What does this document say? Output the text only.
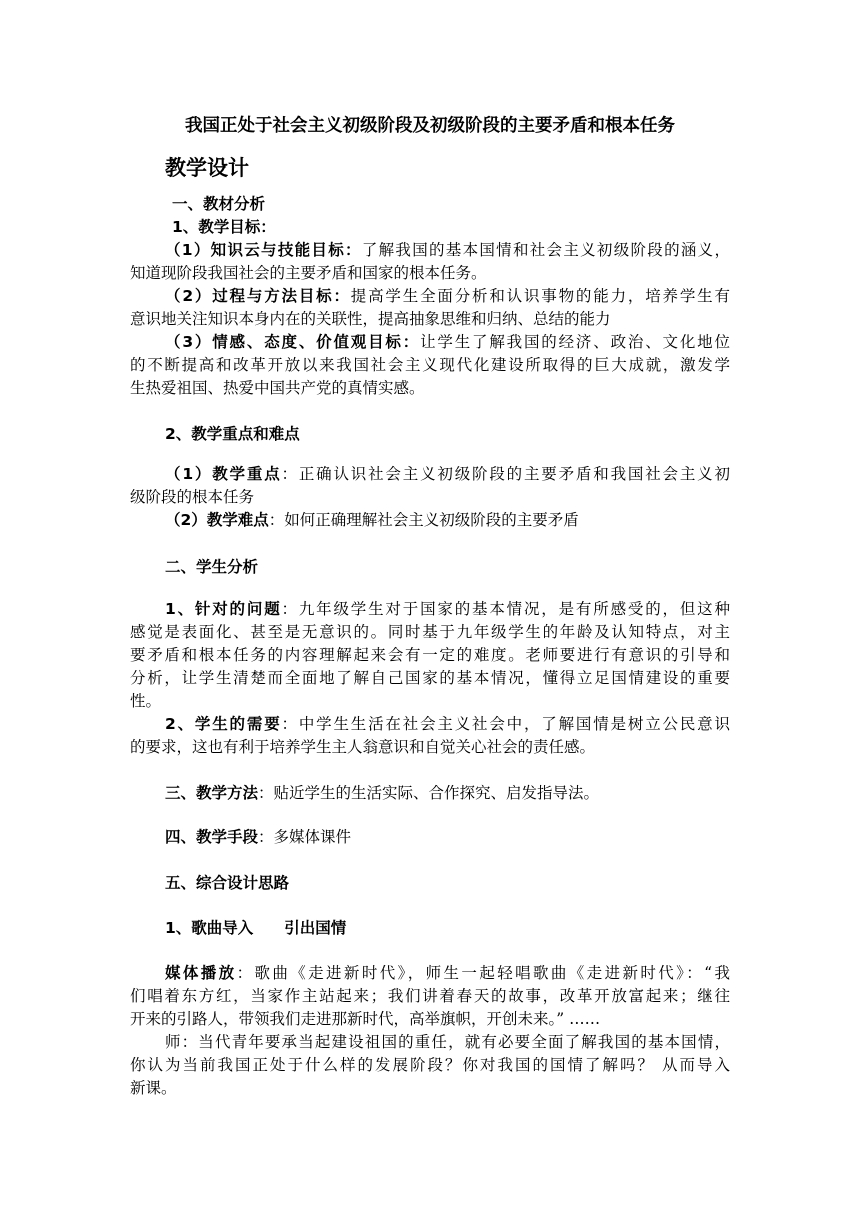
我国正处于社会主义初级阶段及初级阶段的主要矛盾和根本任务
教学设计
一、教材分析
1、教学目标：
（1）知识云与技能目标：了解我国的基本国情和社会主义初级阶段的涵义，
知道现阶段我国社会的主要矛盾和国家的根本任务。
（2）过程与方法目标：提高学生全面分析和认识事物的能力，培养学生有
意识地关注知识本身内在的关联性，提高抽象思维和归纳、总结的能力
（3）情感、态度、价值观目标：让学生了解我国的经济、政治、文化地位
的不断提高和改革开放以来我国社会主义现代化建设所取得的巨大成就，激发学
生热爱祖国、热爱中国共产党的真情实感。
2、教学重点和难点
（1）教学重点：正确认识社会主义初级阶段的主要矛盾和我国社会主义初
级阶段的根本任务
（2）教学难点：如何正确理解社会主义初级阶段的主要矛盾
二、学生分析
1、针对的问题：九年级学生对于国家的基本情况，是有所感受的，但这种
感觉是表面化、甚至是无意识的。同时基于九年级学生的年龄及认知特点，对主
要矛盾和根本任务的内容理解起来会有一定的难度。老师要进行有意识的引导和
分析，让学生清楚而全面地了解自己国家的基本情况，懂得立足国情建设的重要
性。
2、学生的需要：中学生生活在社会主义社会中，了解国情是树立公民意识
的要求，这也有利于培养学生主人翁意识和自觉关心社会的责任感。
三、教学方法：贴近学生的生活实际、合作探究、启发指导法。
四、教学手段：多媒体课件
五、综合设计思路
1、歌曲导入　　引出国情
媒体播放：歌曲《走进新时代》，师生一起轻唱歌曲《走进新时代》：“我
们唱着东方红，当家作主站起来；我们讲着春天的故事，改革开放富起来；继往
开来的引路人，带领我们走进那新时代，高举旗帜，开创未来。” ……
师：当代青年要承当起建设祖国的重任，就有必要全面了解我国的基本国情，
你认为当前我国正处于什么样的发展阶段？你对我国的国情了解吗？ 从而导入
新课。
